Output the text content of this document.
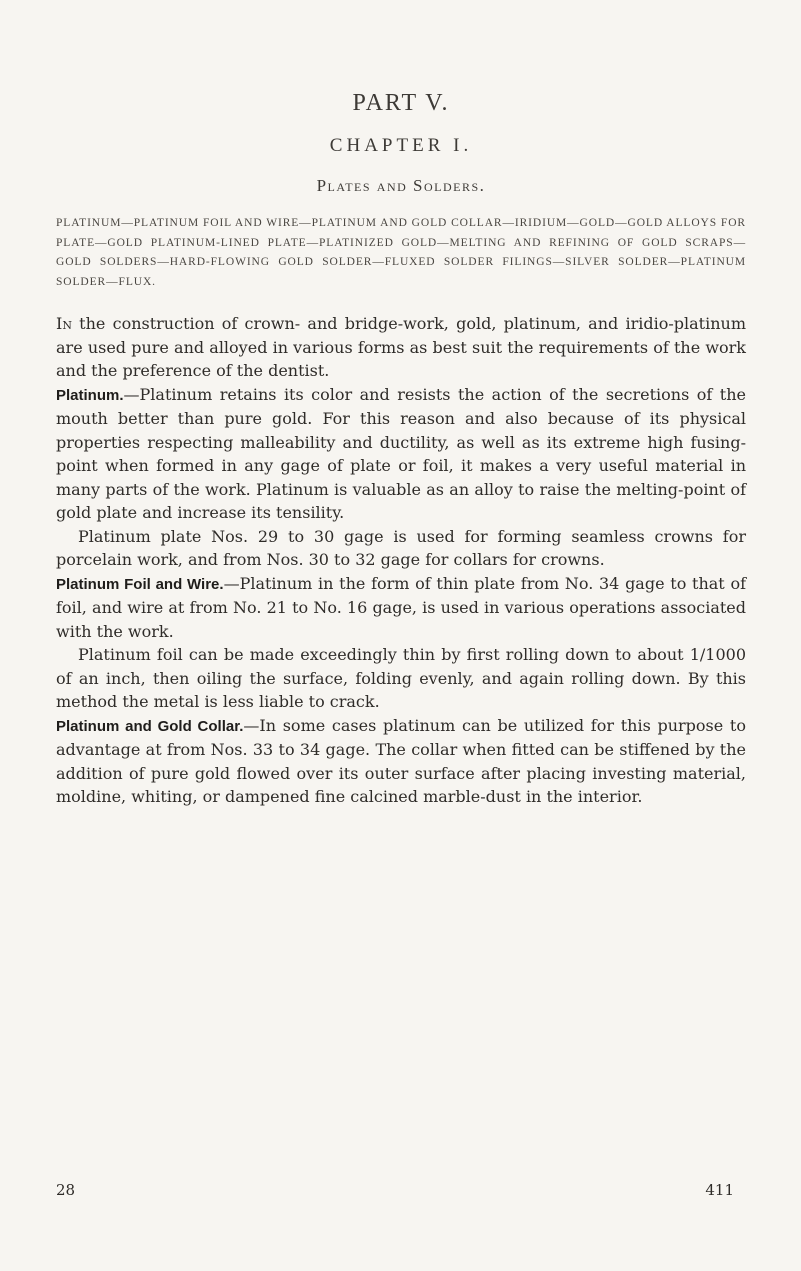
PART V.
CHAPTER I.
Plates and Solders.
PLATINUM—PLATINUM FOIL AND WIRE—PLATINUM AND GOLD COLLAR—IRIDIUM—GOLD—GOLD ALLOYS FOR PLATE—GOLD PLATINUM-LINED PLATE—PLATINIZED GOLD—MELTING AND REFINING OF GOLD SCRAPS—GOLD SOLDERS—HARD-FLOWING GOLD SOLDER—FLUXED SOLDER FILINGS—SILVER SOLDER—PLATINUM SOLDER—FLUX.

In the construction of crown- and bridge-work, gold, platinum, and iridio-platinum are used pure and alloyed in various forms as best suit the requirements of the work and the preference of the dentist.

Platinum.—Platinum retains its color and resists the action of the secretions of the mouth better than pure gold. For this reason and also because of its physical properties respecting malleability and ductility, as well as its extreme high fusing-point when formed in any gage of plate or foil, it makes a very useful material in many parts of the work. Platinum is valuable as an alloy to raise the melting-point of gold plate and increase its tensility.

Platinum plate Nos. 29 to 30 gage is used for forming seamless crowns for porcelain work, and from Nos. 30 to 32 gage for collars for crowns.

Platinum Foil and Wire.—Platinum in the form of thin plate from No. 34 gage to that of foil, and wire at from No. 21 to No. 16 gage, is used in various operations associated with the work.

Platinum foil can be made exceedingly thin by first rolling down to about 1/1000 of an inch, then oiling the surface, folding evenly, and again rolling down. By this method the metal is less liable to crack.

Platinum and Gold Collar.—In some cases platinum can be utilized for this purpose to advantage at from Nos. 33 to 34 gage. The collar when fitted can be stiffened by the addition of pure gold flowed over its outer surface after placing investing material, moldine, whiting, or dampened fine calcined marble-dust in the interior.

28	411
